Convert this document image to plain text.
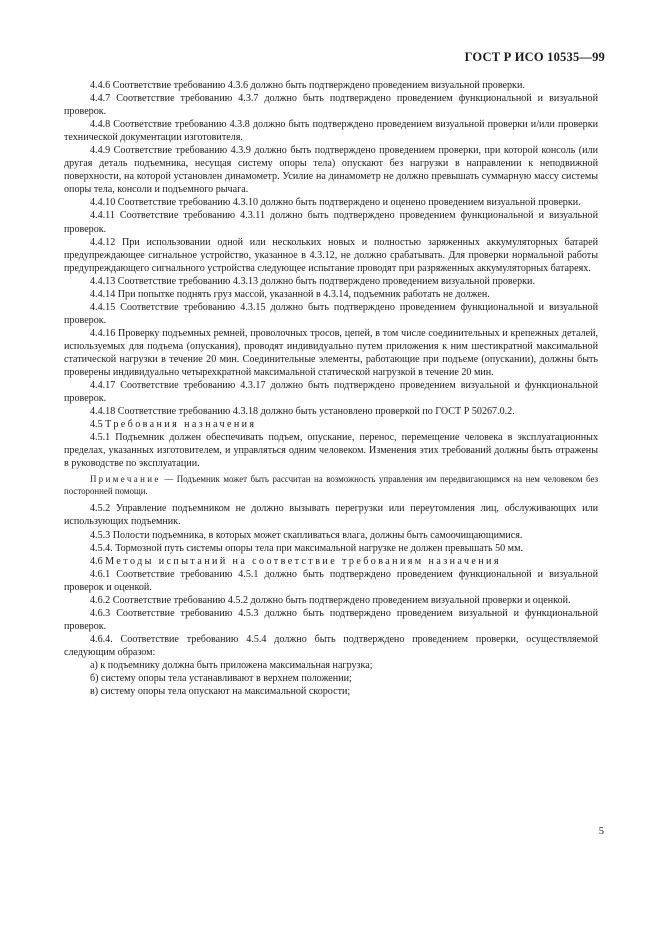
ГОСТ Р ИСО 10535—99

4.4.6 Соответствие требованию 4.3.6 должно быть подтверждено проведением визуальной проверки.

4.4.7 Соответствие требованию 4.3.7 должно быть подтверждено проведением функциональной и визуальной проверок.

4.4.8 Соответствие требованию 4.3.8 должно быть подтверждено проведением визуальной проверки и/или проверки технической документации изготовителя.

4.4.9 Соответствие требованию 4.3.9 должно быть подтверждено проведением проверки, при которой консоль (или другая деталь подъемника, несущая систему опоры тела) опускают без нагрузки в направлении к неподвижной поверхности, на которой установлен динамометр. Усилие на динамометр не должно превышать суммарную массу системы опоры тела, консоли и подъемного рычага.

4.4.10 Соответствие требованию 4.3.10 должно быть подтверждено и оценено проведением визуальной проверки.

4.4.11 Соответствие требованию 4.3.11 должно быть подтверждено проведением функциональной и визуальной проверок.

4.4.12 При использовании одной или нескольких новых и полностью заряженных аккумуляторных батарей предупреждающее сигнальное устройство, указанное в 4.3.12, не должно срабатывать. Для проверки нормальной работы предупреждающего сигнального устройства следующее испытание проводят при разряженных аккумуляторных батареях.

4.4.13 Соответствие требованию 4.3.13 должно быть подтверждено проведением визуальной проверки.

4.4.14 При попытке поднять груз массой, указанной в 4.3.14, подъемник работать не должен.

4.4.15 Соответствие требованию 4.3.15 должно быть подтверждено проведением функциональной и визуальной проверок.

4.4.16 Проверку подъемных ремней, проволочных тросов, цепей, в том числе соединительных и крепежных деталей, используемых для подъема (опускания), проводят индивидуально путем приложения к ним шестикратной максимальной статической нагрузки в течение 20 мин. Соединительные элементы, работающие при подъеме (опускании), должны быть проверены индивидуально четырехкратной максимальной статической нагрузкой в течение 20 мин.

4.4.17 Соответствие требованию 4.3.17 должно быть подтверждено проведением визуальной и функциональной проверок.

4.4.18 Соответствие требованию 4.3.18 должно быть установлено проверкой по ГОСТ Р 50267.0.2.

4.5 Требования назначения

4.5.1 Подъемник должен обеспечивать подъем, опускание, перенос, перемещение человека в эксплуатационных пределах, указанных изготовителем, и управляться одним человеком. Изменения этих требований должны быть отражены в руководстве по эксплуатации.

Примечание — Подъемник может быть рассчитан на возможность управления им передвигающимся на нем человеком без посторонней помощи.

4.5.2 Управление подъемником не должно вызывать перегрузки или переутомления лиц, обслуживающих или использующих подъемник.

4.5.3 Полости подъемника, в которых может скапливаться влага, должны быть самоочищающимися.

4.5.4. Тормозной путь системы опоры тела при максимальной нагрузке не должен превышать 50 мм.

4.6 Методы испытаний на соответствие требованиям назначения

4.6.1 Соответствие требованию 4.5.1 должно быть подтверждено проведением функциональной и визуальной проверок и оценкой.

4.6.2 Соответствие требованию 4.5.2 должно быть подтверждено проведением визуальной проверки и оценкой.

4.6.3 Соответствие требованию 4.5.3 должно быть подтверждено проведением визуальной и функциональной проверок.

4.6.4. Соответствие требованию 4.5.4 должно быть подтверждено проведением проверки, осуществляемой следующим образом:

а) к подъемнику должна быть приложена максимальная нагрузка;

б) систему опоры тела устанавливают в верхнем положении;

в) систему опоры тела опускают на максимальной скорости;

5
